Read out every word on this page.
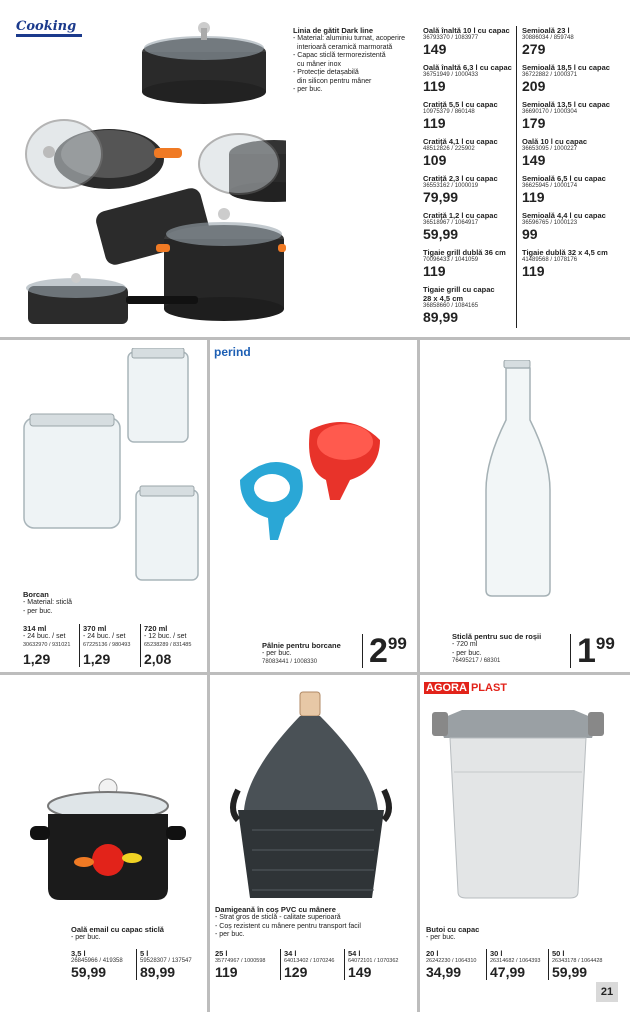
Cooking	Linia de gătit Dark line
- Material: aluminiu turnat, acoperire
interioară ceramică marmorată
- Capac sticlă termorezistentă
cu mâner inox
- Protecție detașabilă
din silicon pentru mâner
- per buc.
Oală înaltă 10 l cu capac
36793370 / 1083977
149
Oală înaltă 6,3 l cu capac
36751949 / 1000433
119
Cratiță 5,5 l cu capac
10975379 / 860148
119
Cratiță 4,1 l cu capac
48512826 / 225902
109
Cratiță 2,3 l cu capac
36553162 / 1000019
79,99
Cratiță 1,2 l cu capac
36518967 / 1064917
59,99
Tigaie grill dublă 36 cm
70096433 / 1041059
119
Tigaie grill cu capac
28 x 4,5 cm
36858660 / 1084165
89,99
Semioală 23 l
30886034 / 859748
279
Semioală 18,5 l cu capac
36722882 / 1000371
209
Semioală 13,5 l cu capac
36690170 / 1000304
179
Oală 10 l cu capac
36653095 / 1000227
149
Semioală 6,5 l cu capac
36625945 / 1000174
119
Semioală 4,4 l cu capac
36596765 / 1000123
99
Tigaie dublă 32 x 4,5 cm
41489568 / 1078176
119
Borcan
- Material: sticlă
- per buc.
314 ml
- 24 buc. / set
30632970 / 931021
1,29
370 ml
- 24 buc. / set
67225136 / 980493
1,29
720 ml
- 12 buc. / set
65238289 / 831485
2,08
perind
Pâlnie pentru borcane
- per buc.
78083441 / 1008330	2 99	Sticlă pentru suc de roșii
- 720 ml
- per buc.
76495217 / 68301	1 99
Oală email cu capac sticlă
- per buc.
3,5 l
26845966 / 419358
59,99
5 l
59528307 / 137547
89,99
Damigeană în coș PVC cu mânere
- Strat gros de sticlă - calitate superioară
- Coș rezistent cu mânere pentru transport facil
- per buc.
25 l
35774967 / 1000598
119
34 l
64013402 / 1070246
129
54 l
64072101 / 1070362
149
AGORA PLAST
Butoi cu capac
- per buc.
20 l
26242230 / 1064310
34,99
30 l
26314682 / 1064393
47,99
50 l
26343178 / 1064428
59,99
21
